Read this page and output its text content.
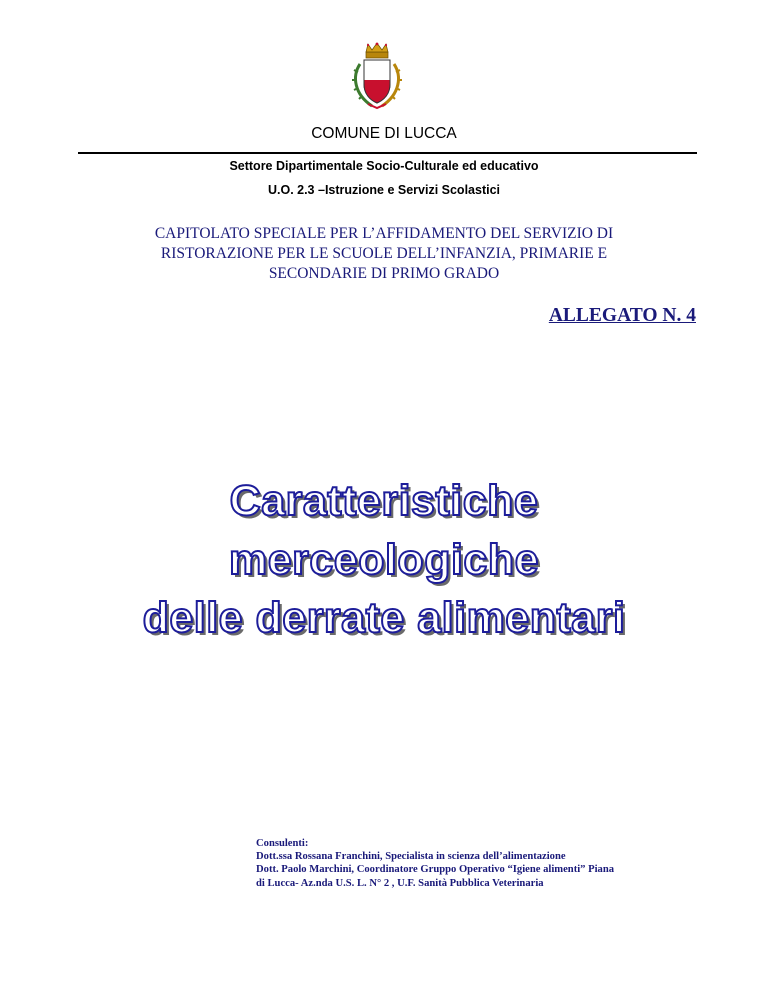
COMUNE DI LUCCA
Settore Dipartimentale Socio-Culturale ed educativo
U.O. 2.3 –Istruzione e Servizi Scolastici
CAPITOLATO SPECIALE PER L’AFFIDAMENTO DEL SERVIZIO DI
RISTORAZIONE PER LE SCUOLE DELL’INFANZIA, PRIMARIE E
SECONDARIE DI PRIMO GRADO
ALLEGATO N. 4
Caratteristiche
merceologiche
delle derrate alimentari
Consulenti:
Dott.ssa Rossana Franchini, Specialista in scienza dell’alimentazione
Dott. Paolo Marchini, Coordinatore Gruppo Operativo “Igiene alimenti” Piana
di Lucca- Az.nda U.S. L. N° 2 , U.F. Sanità Pubblica Veterinaria
